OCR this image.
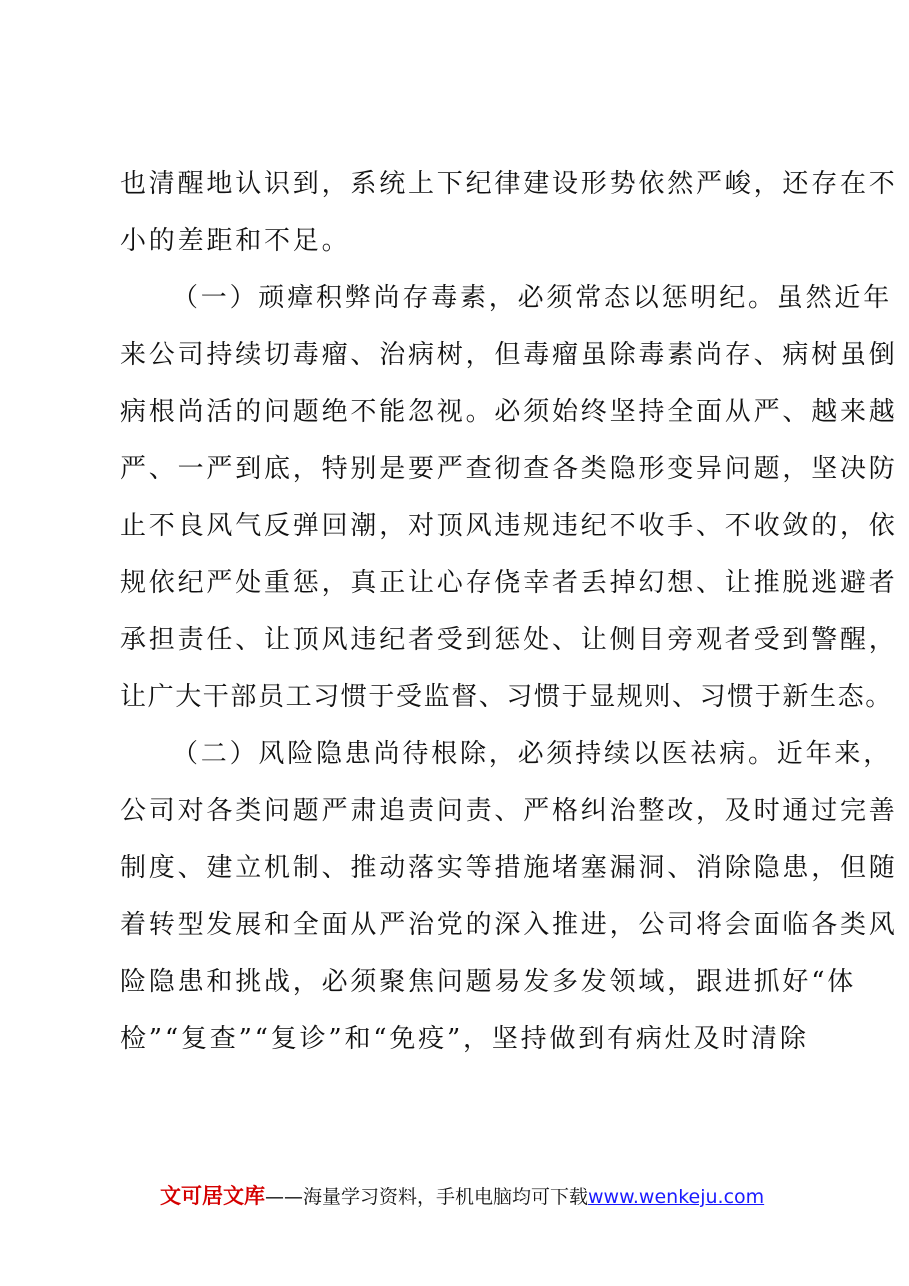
也清醒地认识到，系统上下纪律建设形势依然严峻，还存在不
小的差距和不足。
（一）顽瘴积弊尚存毒素，必须常态以惩明纪。虽然近年
来公司持续切毒瘤、治病树，但毒瘤虽除毒素尚存、病树虽倒
病根尚活的问题绝不能忽视。必须始终坚持全面从严、越来越
严、一严到底，特别是要严查彻查各类隐形变异问题，坚决防
止不良风气反弹回潮，对顶风违规违纪不收手、不收敛的，依
规依纪严处重惩，真正让心存侥幸者丢掉幻想、让推脱逃避者
承担责任、让顶风违纪者受到惩处、让侧目旁观者受到警醒，
让广大干部员工习惯于受监督、习惯于显规则、习惯于新生态。
（二）风险隐患尚待根除，必须持续以医祛病。近年来，
公司对各类问题严肃追责问责、严格纠治整改，及时通过完善
制度、建立机制、推动落实等措施堵塞漏洞、消除隐患，但随
着转型发展和全面从严治党的深入推进，公司将会面临各类风
险隐患和挑战，必须聚焦问题易发多发领域，跟进抓好“体
检”“复查”“复诊”和“免疫”，坚持做到有病灶及时清除
文可居文库——海量学习资料，手机电脑均可下载www.wenkeju.com
